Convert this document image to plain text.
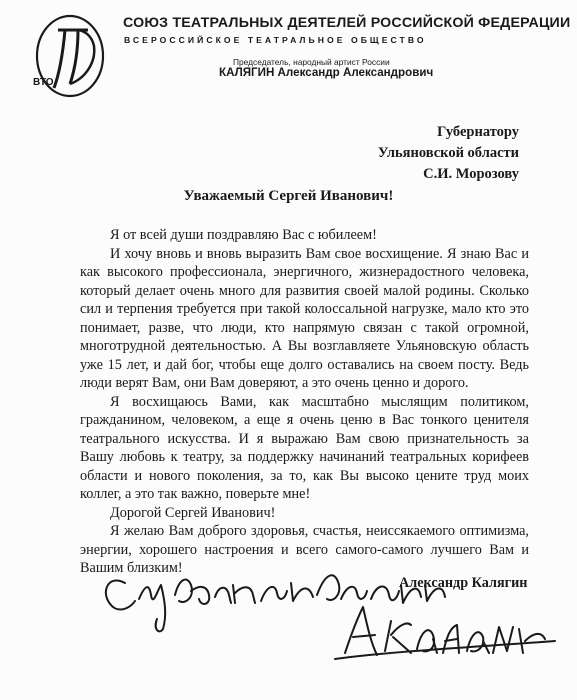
ВТО
СОЮЗ ТЕАТРАЛЬНЫХ ДЕЯТЕЛЕЙ РОССИЙСКОЙ ФЕДЕРАЦИИ
ВСЕРОССИЙСКОЕ ТЕАТРАЛЬНОЕ ОБЩЕСТВО
Председатель, народный артист России
КАЛЯГИН Александр Александрович
Губернатору
Ульяновской области
С.И. Морозову
Уважаемый Сергей Иванович!

Я от всей души поздравляю Вас с юбилеем!

И хочу вновь и вновь выразить Вам свое восхищение. Я знаю Вас и как высокого профессионала, энергичного, жизнерадостного человека, который делает очень много для развития своей малой родины. Сколько сил и терпения требуется при такой колоссальной нагрузке, мало кто это понимает, разве, что люди, кто напрямую связан с такой огромной, многотрудной деятельностью. А Вы возглавляете Ульяновскую область уже 15 лет, и дай бог, чтобы еще долго оставались на своем посту. Ведь люди верят Вам, они Вам доверяют, а это очень ценно и дорого.

Я восхищаюсь Вами, как масштабно мыслящим политиком, гражданином, человеком, а еще я очень ценю в Вас тонкого ценителя театрального искусства. И я выражаю Вам свою признательность за Вашу любовь к театру, за поддержку начинаний театральных корифеев области и нового поколения, за то, как Вы высоко цените труд моих коллег, а это так важно, поверьте мне!

Дорогой Сергей Иванович!

Я желаю Вам доброго здоровья, счастья, неиссякаемого оптимизма, энергии, хорошего настроения и всего самого-самого лучшего Вам и Вашим близким!

Александр Калягин
